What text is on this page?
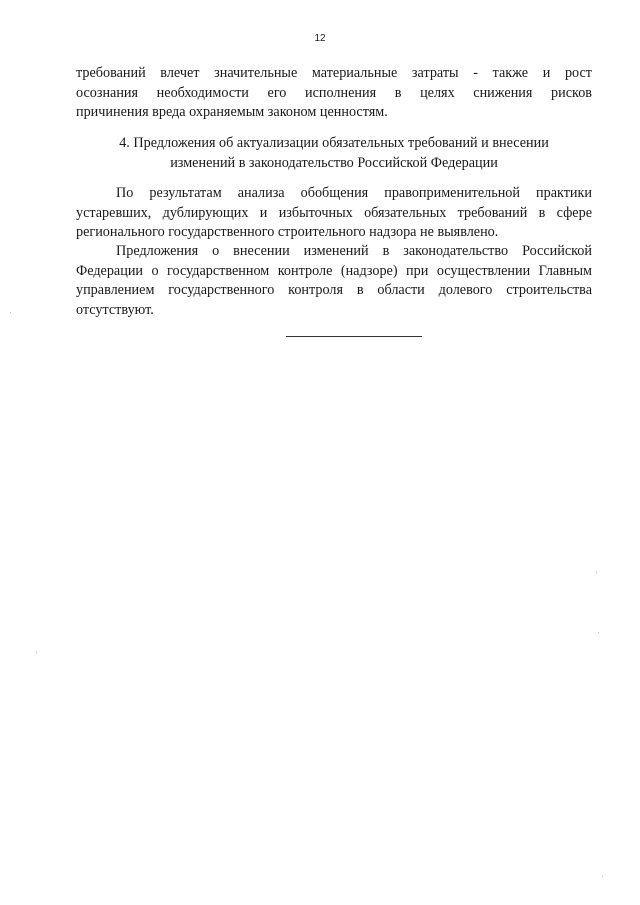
12
требований влечет значительные материальные затраты - также и рост
осознания необходимости его исполнения в целях снижения рисков
причинения вреда охраняемым законом ценностям.
4. Предложения об актуализации обязательных требований и внесении
изменений в законодательство Российской Федерации
По результатам анализа обобщения правоприменительной практики
устаревших, дублирующих и избыточных обязательных требований в сфере
регионального государственного строительного надзора не выявлено.
Предложения о внесении изменений в законодательство Российской
Федерации о государственном контроле (надзоре) при осуществлении Главным
управлением государственного контроля в области долевого строительства
отсутствуют.
